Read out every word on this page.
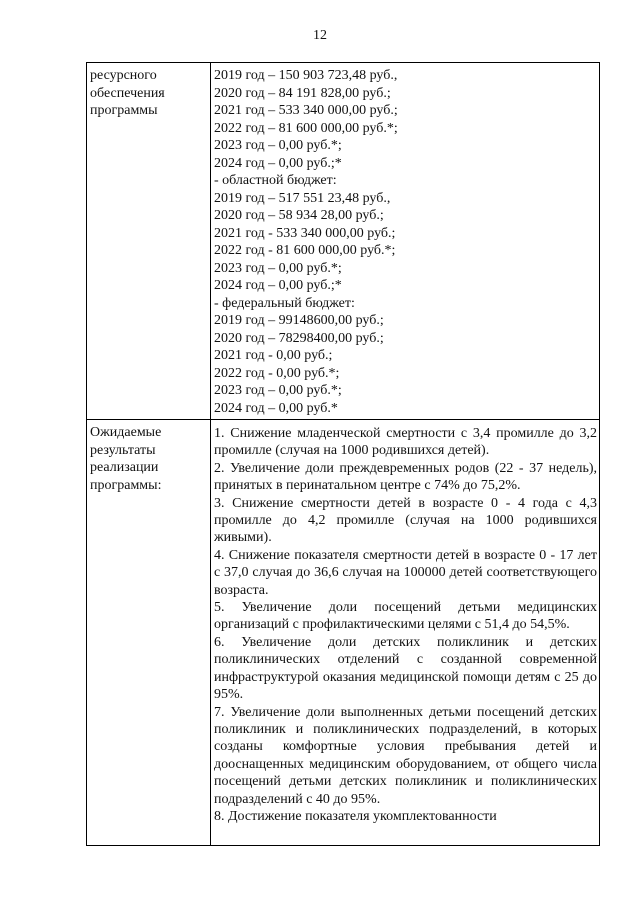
12
ресурсного
обеспечения
программы
2019 год – 150 903 723,48 руб.,
2020 год – 84 191 828,00 руб.;
2021 год – 533 340 000,00 руб.;
2022 год – 81 600 000,00 руб.*;
2023 год – 0,00 руб.*;
2024 год – 0,00 руб.;*
- областной бюджет:
2019 год – 517 551 23,48 руб.,
2020 год – 58 934 28,00 руб.;
2021 год - 533 340 000,00 руб.;
2022 год - 81 600 000,00 руб.*;
2023 год – 0,00 руб.*;
2024 год – 0,00 руб.;*
- федеральный бюджет:
2019 год – 99148600,00 руб.;
2020 год – 78298400,00 руб.;
2021 год - 0,00 руб.;
2022 год - 0,00 руб.*;
2023 год – 0,00 руб.*;
2024 год – 0,00 руб.*
Ожидаемые
результаты
реализации
программы:
1. Снижение младенческой смертности с 3,4 промилле до 3,2 промилле (случая на 1000 родившихся детей).
2. Увеличение доли преждевременных родов (22 - 37 недель), принятых в перинатальном центре с 74% до 75,2%.
3. Снижение смертности детей в возрасте 0 - 4 года с 4,3 промилле до 4,2 промилле (случая на 1000 родившихся живыми).
4. Снижение показателя смертности детей в возрасте 0 - 17 лет с 37,0 случая до 36,6 случая на 100000 детей соответствующего возраста.
5. Увеличение доли посещений детьми медицинских организаций с профилактическими целями с 51,4 до 54,5%.
6. Увеличение доли детских поликлиник и детских поликлинических отделений с созданной современной инфраструктурой оказания медицинской помощи детям с 25 до 95%.
7. Увеличение доли выполненных детьми посещений детских поликлиник и поликлинических подразделений, в которых созданы комфортные условия пребывания детей и дооснащенных медицинским оборудованием, от общего числа посещений детьми детских поликлиник и поликлинических подразделений с 40 до 95%.
8. Достижение показателя укомплектованности
